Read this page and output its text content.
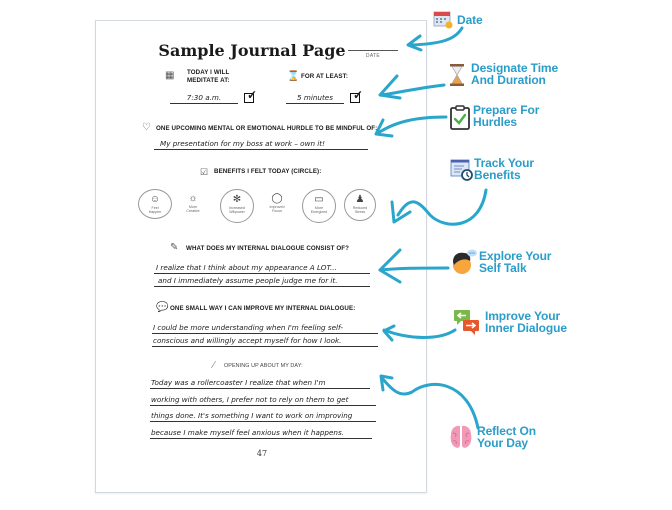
Sample Journal Page	DATE
▦ TODAY I WILL
MEDITATE AT:
7:30 a.m.	✓
⌛ FOR AT LEAST:
5 minutes	✓
♡ ONE UPCOMING MENTAL OR EMOTIONAL HURDLE TO BE MINDFUL OF:
My presentation for my boss at work – own it!
☑ BENEFITS I FELT TODAY (CIRCLE):
☺
Feel
Happier
☼
More
Creative
✻
Increased
Willpower
◯
Improved
Focus
▭
More
Energized
♟
Reduced
Stress
✎ WHAT DOES MY INTERNAL DIALOGUE CONSIST OF?
I realize that I think about my appearance A LOT...
and I immediately assume people judge me for it.
💬 ONE SMALL WAY I CAN IMPROVE MY INTERNAL DIALOGUE:
I could be more understanding when I'm feeling self-
conscious and willingly accept myself for how I look.
⁄ OPENING UP ABOUT MY DAY:
Today was a rollercoaster I realize that when I'm
working with others, I prefer not to rely on them to get
things done. It's something I want to work on improving
because I make myself feel anxious when it happens.
47
Date
Designate Time
And Duration
Prepare For
Hurdles
Track Your
Benefits
Explore Your
Self Talk
Improve Your
Inner Dialogue
Reflect On
Your Day
